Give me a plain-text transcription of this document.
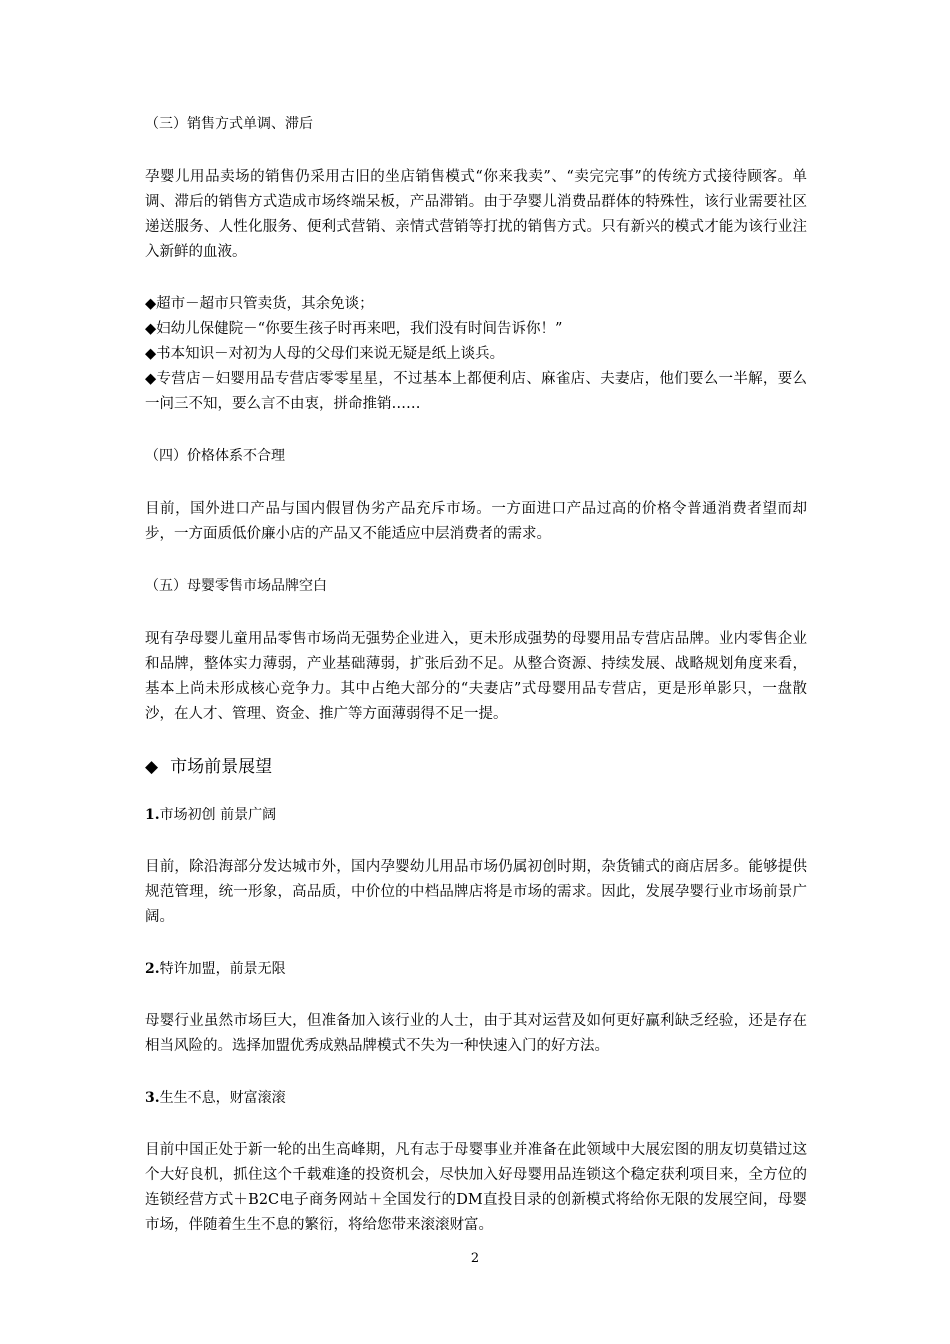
（三）销售方式单调、滞后

孕婴儿用品卖场的销售仍采用古旧的坐店销售模式“你来我卖”、“卖完完事”的传统方式接待顾客。单调、滞后的销售方式造成市场终端呆板，产品滞销。由于孕婴儿消费品群体的特殊性，该行业需要社区递送服务、人性化服务、便利式营销、亲情式营销等打扰的销售方式。只有新兴的模式才能为该行业注入新鲜的血液。

◆超市－超市只管卖货，其余免谈；

◆妇幼儿保健院－“你要生孩子时再来吧，我们没有时间告诉你！”

◆书本知识－对初为人母的父母们来说无疑是纸上谈兵。

◆专营店－妇婴用品专营店零零星星，不过基本上都便利店、麻雀店、夫妻店，他们要么一半解，要么一问三不知，要么言不由衷，拼命推销……

（四）价格体系不合理

目前，国外进口产品与国内假冒伪劣产品充斥市场。一方面进口产品过高的价格令普通消费者望而却步，一方面质低价廉小店的产品又不能适应中层消费者的需求。

（五）母婴零售市场品牌空白

现有孕母婴儿童用品零售市场尚无强势企业进入，更未形成强势的母婴用品专营店品牌。业内零售企业和品牌，整体实力薄弱，产业基础薄弱，扩张后劲不足。从整合资源、持续发展、战略规划角度来看，基本上尚未形成核心竞争力。其中占绝大部分的“夫妻店”式母婴用品专营店，更是形单影只，一盘散沙，在人才、管理、资金、推广等方面薄弱得不足一提。

◆ 市场前景展望

1.市场初创 前景广阔

目前，除沿海部分发达城市外，国内孕婴幼儿用品市场仍属初创时期，杂货铺式的商店居多。能够提供规范管理，统一形象，高品质，中价位的中档品牌店将是市场的需求。因此，发展孕婴行业市场前景广阔。

2.特许加盟，前景无限

母婴行业虽然市场巨大，但准备加入该行业的人士，由于其对运营及如何更好赢利缺乏经验，还是存在相当风险的。选择加盟优秀成熟品牌模式不失为一种快速入门的好方法。

3.生生不息，财富滚滚

目前中国正处于新一轮的出生高峰期，凡有志于母婴事业并准备在此领域中大展宏图的朋友切莫错过这个大好良机，抓住这个千载难逢的投资机会，尽快加入好母婴用品连锁这个稳定获利项目来，全方位的连锁经营方式＋B2C电子商务网站＋全国发行的DM直投目录的创新模式将给你无限的发展空间，母婴市场，伴随着生生不息的繁衍，将给您带来滚滚财富。

2
